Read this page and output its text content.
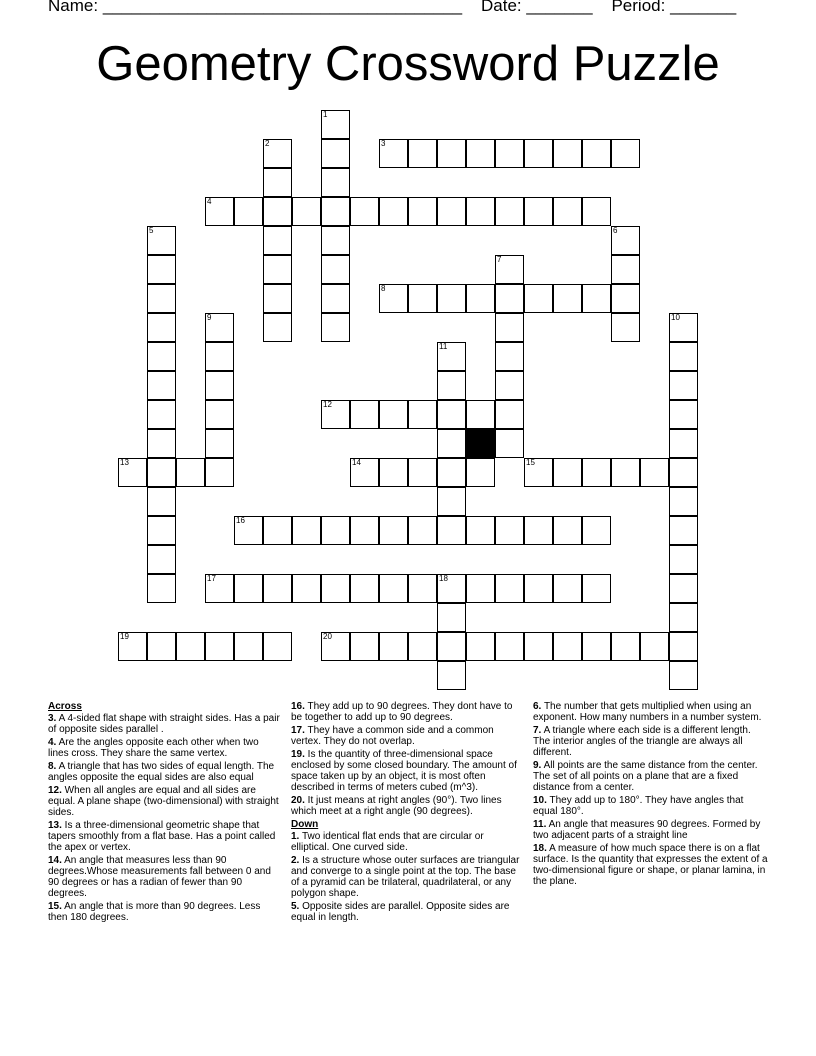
Name: ______________________________________ Date: _______ Period: _______
Geometry Crossword Puzzle
1
2	3
4
5	6
7
8
9	10
11
12
13	14	15
16
17	18
19	20
Across
3. A 4-sided flat shape with straight sides. Has a pair of opposite sides parallel .
4. Are the angles opposite each other when two lines cross. They share the same vertex.
8. A triangle that has two sides of equal length. The angles opposite the equal sides are also equal
12. When all angles are equal and all sides are equal. A plane shape (two-dimensional) with straight sides.
13. Is a three-dimensional geometric shape that tapers smoothly from a flat base. Has a point called the apex or vertex.
14. An angle that measures less than 90 degrees.Whose measurements fall between 0 and 90 degrees or has a radian of fewer than 90 degrees.
15. An angle that is more than 90 degrees. Less then 180 degrees.
16. They add up to 90 degrees. They dont have to be together to add up to 90 degrees.
17. They have a common side and a common vertex. They do not overlap.
19. Is the quantity of three-dimensional space enclosed by some closed boundary. The amount of space taken up by an object, it is most often described in terms of meters cubed (m^3).
20. It just means at right angles (90°). Two lines which meet at a right angle (90 degrees).
Down
1. Two identical flat ends that are circular or elliptical. One curved side.
2. Is a structure whose outer surfaces are triangular and converge to a single point at the top. The base of a pyramid can be trilateral, quadrilateral, or any polygon shape.
5. Opposite sides are parallel. Opposite sides are equal in length.
6. The number that gets multiplied when using an exponent. How many numbers in a number system.
7. A triangle where each side is a different length. The interior angles of the triangle are always all different.
9. All points are the same distance from the center. The set of all points on a plane that are a fixed distance from a center.
10. They add up to 180°. They have angles that equal 180°.
11. An angle that measures 90 degrees. Formed by two adjacent parts of a straight line
18. A measure of how much space there is on a flat surface. Is the quantity that expresses the extent of a two-dimensional figure or shape, or planar lamina, in the plane.
